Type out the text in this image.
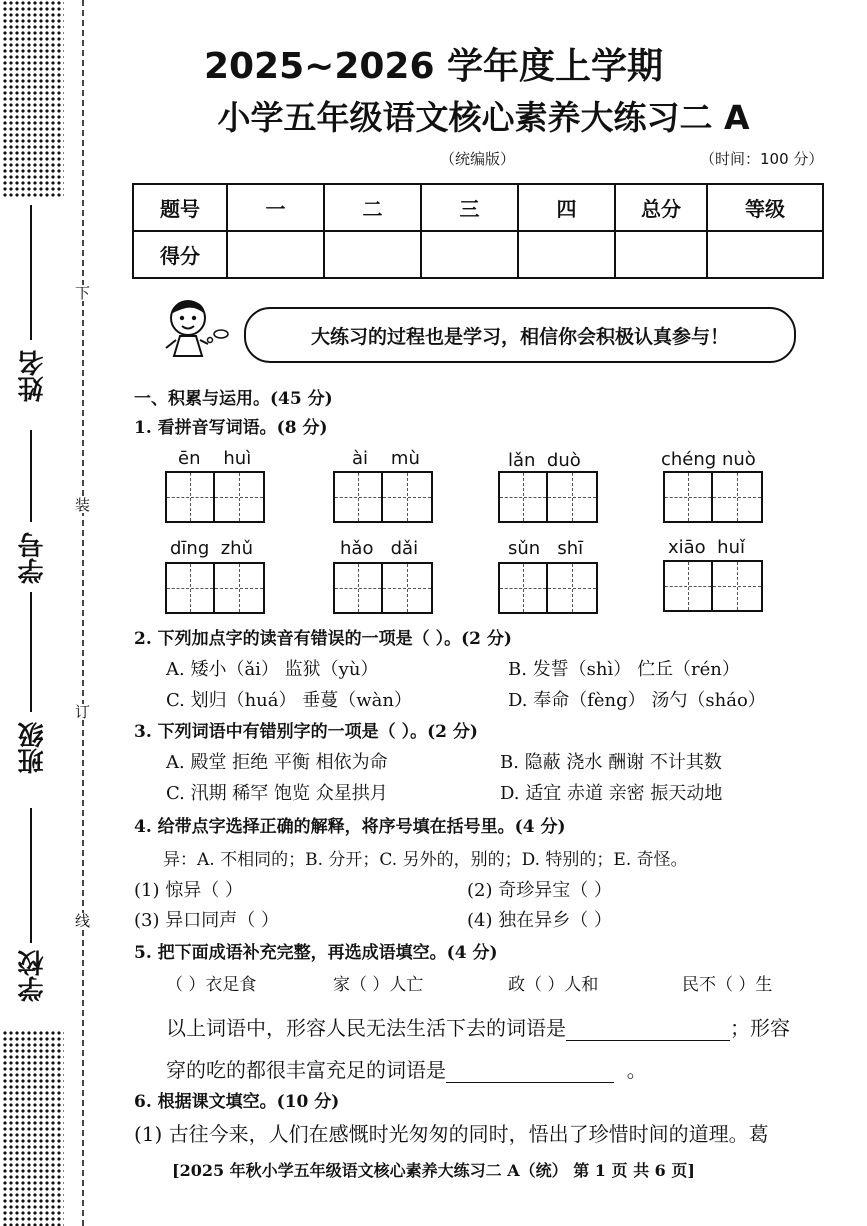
姓名
学号
班级
学校
下
装
订
线
2025~2026 学年度上学期
小学五年级语文核心素养大练习二 A
（统编版）	（时间：100 分）
题号	一	二	三	四	总分	等级
得分						
大练习的过程也是学习，相信你会积极认真参与！
一、积累与运用。(45 分)
1. 看拼音写词语。(8 分)
ēn huì	ài mù	lǎn duò	chéng nuò
dīng zhǔ	hǎo dǎi	sǔn shī	xiāo huǐ
2. 下列加点字的读音有错误的一项是（ ）。(2 分)
A. 矮小（ǎi） 监狱（yù）	B. 发誓（shì） 伫丘（rén）
C. 划归（huá） 垂蔓（wàn）	D. 奉命（fèng） 汤勺（sháo）
3. 下列词语中有错别字的一项是（ ）。(2 分)
A. 殿堂 拒绝 平衡 相依为命	B. 隐蔽 浇水 酬谢 不计其数
C. 汛期 稀罕 饱览 众星拱月	D. 适宜 赤道 亲密 振天动地
4. 给带点字选择正确的解释，将序号填在括号里。(4 分)
异：A. 不相同的；B. 分开；C. 另外的，别的；D. 特别的；E. 奇怪。
(1) 惊异（ ）	(2) 奇珍异宝（ ）
(3) 异口同声（ ）	(4) 独在异乡（ ）
5. 把下面成语补充完整，再选成语填空。(4 分)
（ ）衣足食	家（ ）人亡	政（ ）人和	民不（ ）生
以上词语中，形容人民无法生活下去的词语是	；形容
穿的吃的都很丰富充足的词语是	。
6. 根据课文填空。(10 分)
(1) 古往今来，人们在感慨时光匆匆的同时，悟出了珍惜时间的道理。葛
[2025 年秋小学五年级语文核心素养大练习二 A（统） 第 1 页 共 6 页]
